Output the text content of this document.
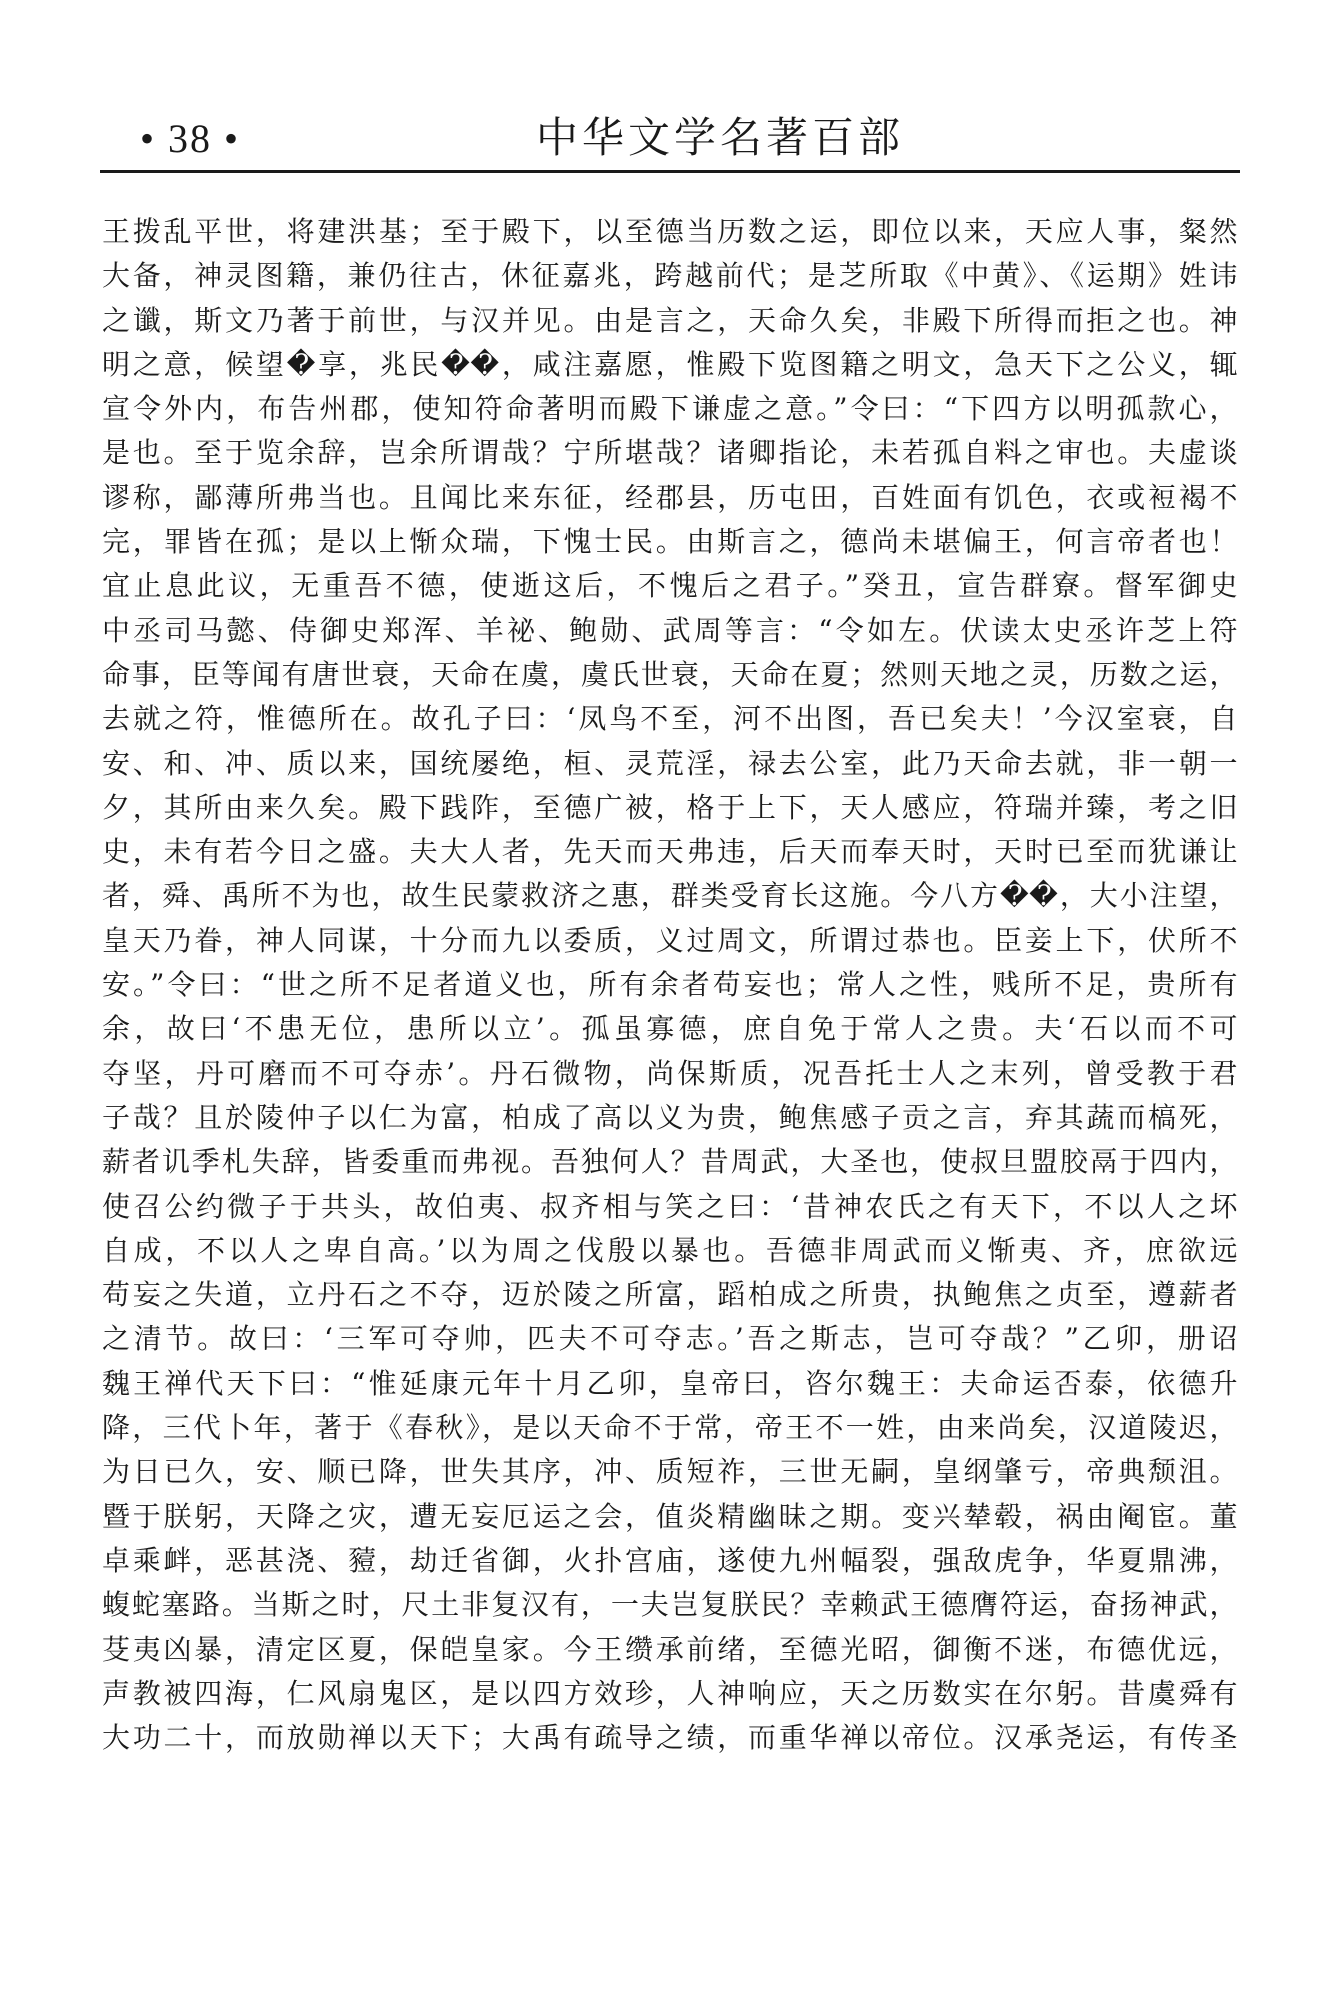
• 38 •	中华文学名著百部
王拨乱平世，将建洪基；至于殿下，以至德当历数之运，即位以来，天应人事，粲然
大备，神灵图籍，兼仍往古，休征嘉兆，跨越前代；是芝所取《中黄》、《运期》姓讳
之谶，斯文乃著于前世，与汉并见。由是言之，天命久矣，非殿下所得而拒之也。神
明之意，候望�享，兆民��，咸注嘉愿，惟殿下览图籍之明文，急天下之公义，辄
宣令外内，布告州郡，使知符命著明而殿下谦虚之意。”令曰：“下四方以明孤款心，
是也。至于览余辞，岂余所谓哉？宁所堪哉？诸卿指论，未若孤自料之审也。夫虚谈
谬称，鄙薄所弗当也。且闻比来东征，经郡县，历屯田，百姓面有饥色，衣或裋褐不
完，罪皆在孤；是以上惭众瑞，下愧士民。由斯言之，德尚未堪偏王，何言帝者也！
宜止息此议，无重吾不德，使逝这后，不愧后之君子。”癸丑，宣告群寮。督军御史
中丞司马懿、侍御史郑浑、羊祕、鲍勋、武周等言：“令如左。伏读太史丞许芝上符
命事，臣等闻有唐世衰，天命在虞，虞氏世衰，天命在夏；然则天地之灵，历数之运，
去就之符，惟德所在。故孔子曰：‘凤鸟不至，河不出图，吾已矣夫！’今汉室衰，自
安、和、冲、质以来，国统屡绝，桓、灵荒淫，禄去公室，此乃天命去就，非一朝一
夕，其所由来久矣。殿下践阼，至德广被，格于上下，天人感应，符瑞并臻，考之旧
史，未有若今日之盛。夫大人者，先天而天弗违，后天而奉天时，天时已至而犹谦让
者，舜、禹所不为也，故生民蒙救济之惠，群类受育长这施。今八方��，大小注望，
皇天乃眷，神人同谋，十分而九以委质，义过周文，所谓过恭也。臣妾上下，伏所不
安。”令曰：“世之所不足者道义也，所有余者苟妄也；常人之性，贱所不足，贵所有
余，故曰‘不患无位，患所以立’。孤虽寡德，庶自免于常人之贵。夫‘石以而不可
夺坚，丹可磨而不可夺赤’。丹石微物，尚保斯质，况吾托士人之末列，曾受教于君
子哉？且於陵仲子以仁为富，柏成了高以义为贵，鲍焦感子贡之言，弃其蔬而槁死，
薪者讥季札失辞，皆委重而弗视。吾独何人？昔周武，大圣也，使叔旦盟胶鬲于四内，
使召公约微子于共头，故伯夷、叔齐相与笑之曰：‘昔神农氏之有天下，不以人之坏
自成，不以人之卑自高。’以为周之伐殷以暴也。吾德非周武而义惭夷、齐，庶欲远
苟妄之失道，立丹石之不夺，迈於陵之所富，蹈柏成之所贵，执鲍焦之贞至，遵薪者
之清节。故曰：‘三军可夺帅，匹夫不可夺志。’吾之斯志，岂可夺哉？”乙卯，册诏
魏王禅代天下曰：“惟延康元年十月乙卯，皇帝曰，咨尔魏王：夫命运否泰，依德升
降，三代卜年，著于《春秋》，是以天命不于常，帝王不一姓，由来尚矣，汉道陵迟，
为日已久，安、顺已降，世失其序，冲、质短祚，三世无嗣，皇纲肇亏，帝典颓沮。
暨于朕躬，天降之灾，遭无妄厄运之会，值炎精幽昧之期。变兴辇毂，祸由阉宦。董
卓乘衅，恶甚浇、豷，劫迁省御，火扑宫庙，遂使九州幅裂，强敌虎争，华夏鼎沸，
蝮蛇塞路。当斯之时，尺土非复汉有，一夫岂复朕民？幸赖武王德膺符运，奋扬神武，
芟夷凶暴，清定区夏，保皑皇家。今王缵承前绪，至德光昭，御衡不迷，布德优远，
声教被四海，仁风扇鬼区，是以四方效珍，人神响应，天之历数实在尔躬。昔虞舜有
大功二十，而放勋禅以天下；大禹有疏导之绩，而重华禅以帝位。汉承尧运，有传圣
